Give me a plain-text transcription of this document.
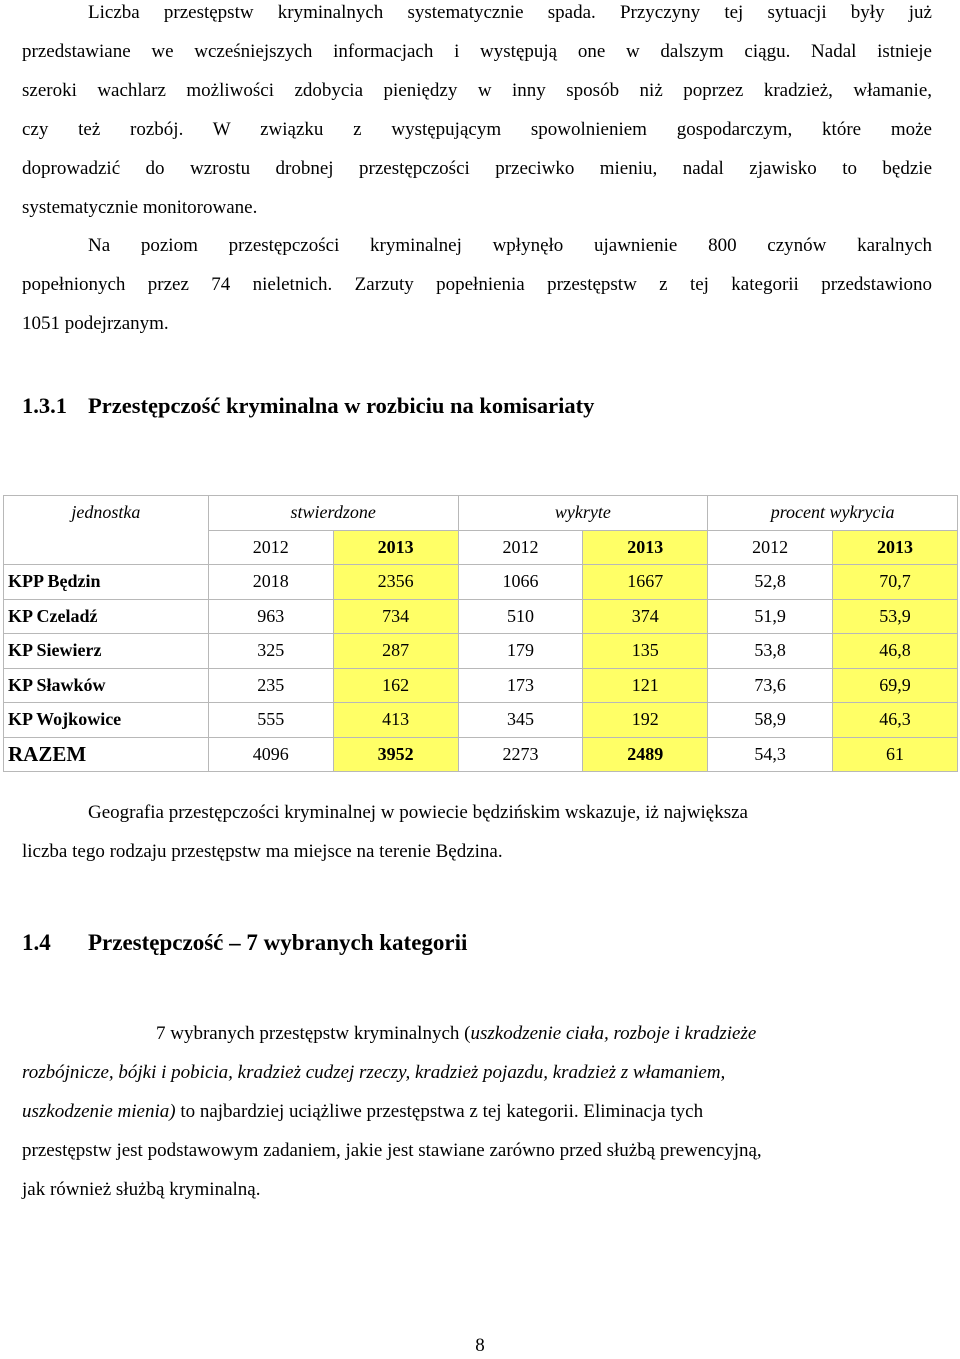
Liczba przestępstw kryminalnych systematycznie spada. Przyczyny tej sytuacji były już
przedstawiane we wcześniejszych informacjach i występują one w dalszym ciągu. Nadal istnieje
szeroki wachlarz możliwości zdobycia pieniędzy w inny sposób niż poprzez kradzież, włamanie,
czy też rozbój. W związku z występującym spowolnieniem gospodarczym, które może
doprowadzić do wzrostu drobnej przestępczości przeciwko mieniu, nadal zjawisko to będzie
systematycznie monitorowane.

Na poziom przestępczości kryminalnej wpłynęło ujawnienie 800 czynów karalnych
popełnionych przez 74 nieletnich. Zarzuty popełnienia przestępstw z tej kategorii przedstawiono
1051 podejrzanym.

1.3.1 Przestępczość kryminalna w rozbiciu na komisariaty
jednostka	stwierdzone		wykryte		procent wykrycia	
	2012	2013	2012	2013	2012	2013
KPP Będzin	2018	2356	1066	1667	52,8	70,7
KP Czeladź	963	734	510	374	51,9	53,9
KP Siewierz	325	287	179	135	53,8	46,8
KP Sławków	235	162	173	121	73,6	69,9
KP Wojkowice	555	413	345	192	58,9	46,3
RAZEM	4096	3952	2273	2489	54,3	61

Geografia przestępczości kryminalnej w powiecie będzińskim wskazuje, iż największa
liczba tego rodzaju przestępstw ma miejsce na terenie Będzina.

1.4 Przestępczość – 7 wybranych kategorii

7 wybranych przestępstw kryminalnych (uszkodzenie ciała, rozboje i kradzieże
rozbójnicze, bójki i pobicia, kradzież cudzej rzeczy, kradzież pojazdu, kradzież z włamaniem,
uszkodzenie mienia) to najbardziej uciążliwe przestępstwa z tej kategorii. Eliminacja tych
przestępstw jest podstawowym zadaniem, jakie jest stawiane zarówno przed służbą prewencyjną,
jak również służbą kryminalną.

8
